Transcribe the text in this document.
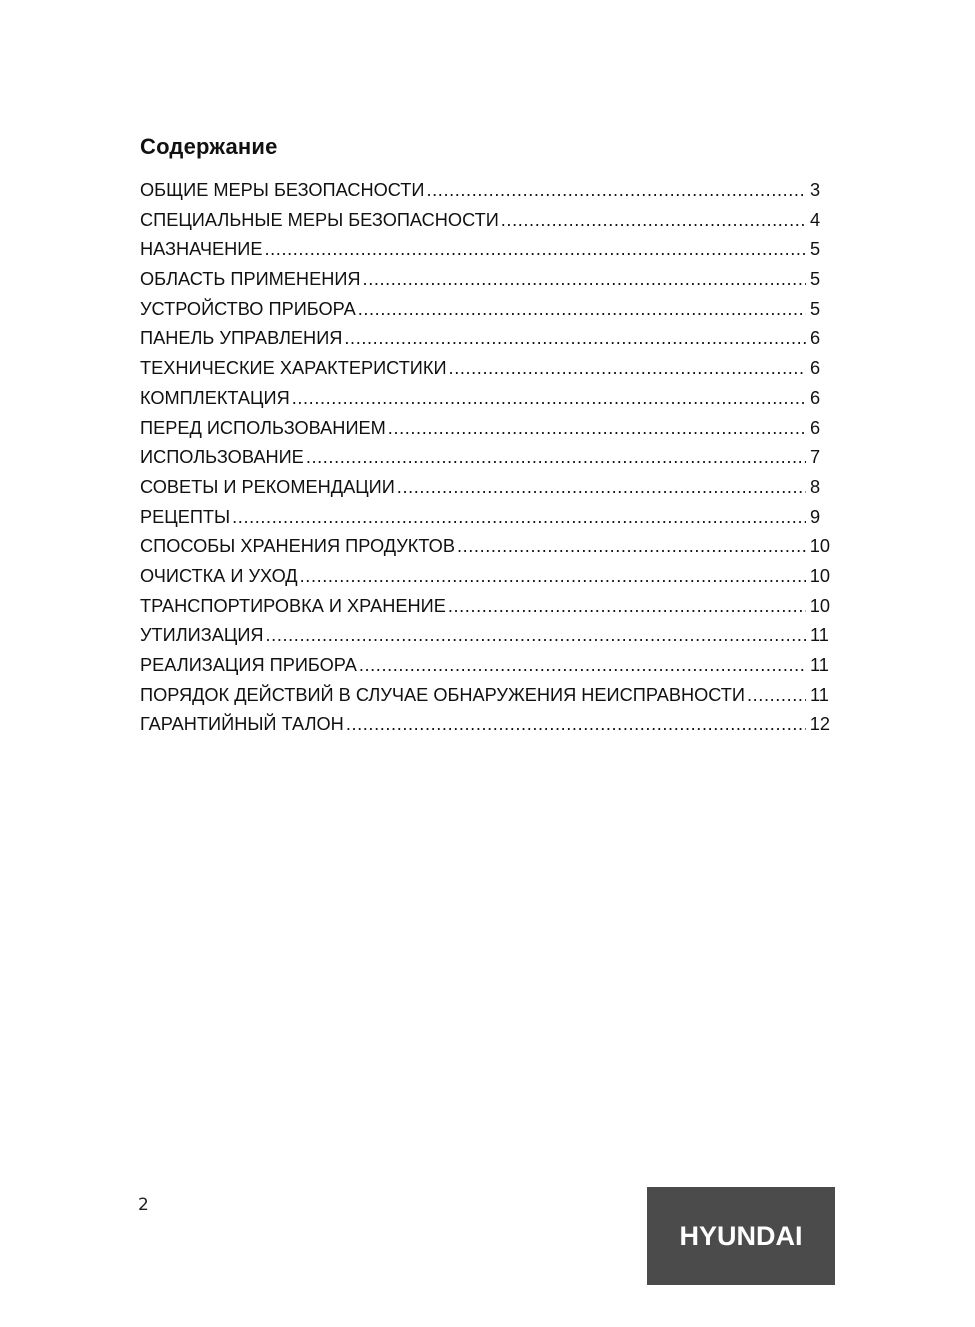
Содержание
ОБЩИЕ МЕРЫ БЕЗОПАСНОСТИ .....	3
СПЕЦИАЛЬНЫЕ МЕРЫ БЕЗОПАСНОСТИ .....	4
НАЗНАЧЕНИЕ .....	5
ОБЛАСТЬ ПРИМЕНЕНИЯ .....	5
УСТРОЙСТВО ПРИБОРА .....	5
ПАНЕЛЬ УПРАВЛЕНИЯ .....	6
ТЕХНИЧЕСКИЕ ХАРАКТЕРИСТИКИ .....	6
КОМПЛЕКТАЦИЯ .....	6
ПЕРЕД ИСПОЛЬЗОВАНИЕМ .....	6
ИСПОЛЬЗОВАНИЕ .....	7
СОВЕТЫ И РЕКОМЕНДАЦИИ .....	8
РЕЦЕПТЫ .....	9
СПОСОБЫ ХРАНЕНИЯ ПРОДУКТОВ .....	10
ОЧИСТКА И УХОД .....	10
ТРАНСПОРТИРОВКА И ХРАНЕНИЕ .....	10
УТИЛИЗАЦИЯ .....	11
РЕАЛИЗАЦИЯ ПРИБОРА .....	11
ПОРЯДОК ДЕЙСТВИЙ В СЛУЧАЕ ОБНАРУЖЕНИЯ НЕИСПРАВНОСТИ .....	11
ГАРАНТИЙНЫЙ ТАЛОН .....	12
2
HYUNDAI
